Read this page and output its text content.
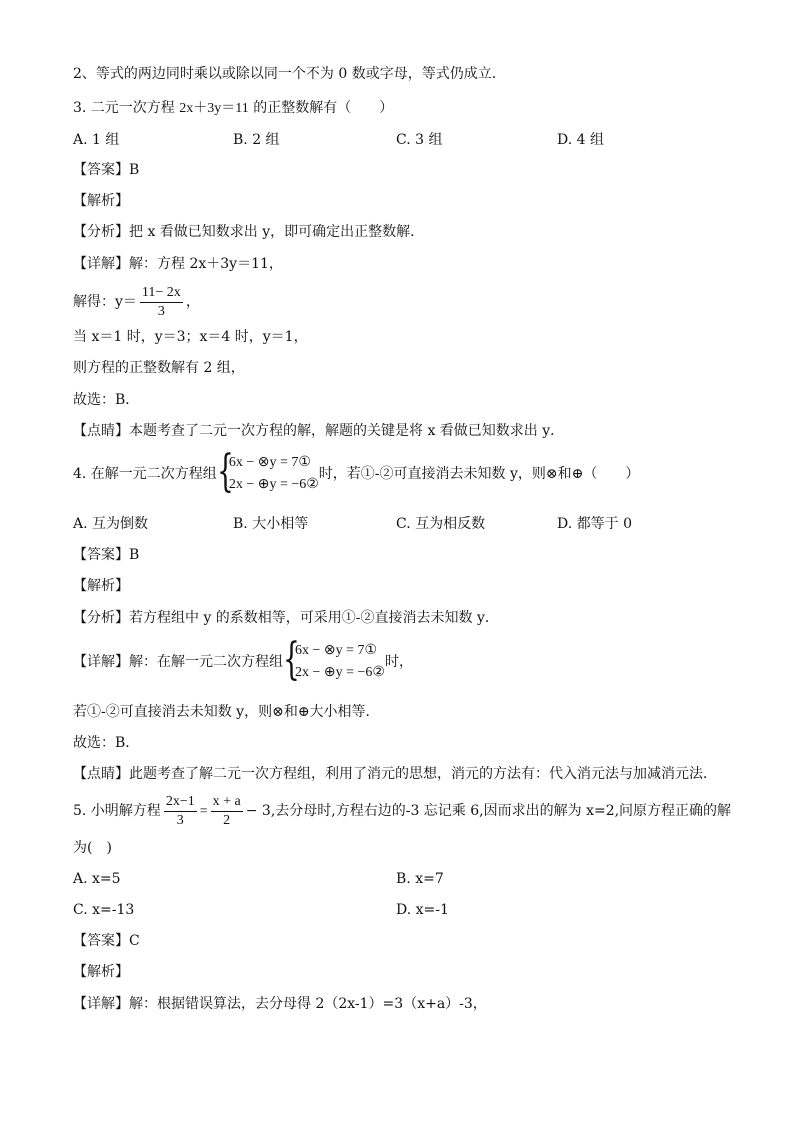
2、等式的两边同时乘以或除以同一个不为 0 数或字母，等式仍成立．
3. 二元一次方程 2x＋3y＝11 的正整数解有（　　）
A. 1 组	B. 2 组	C. 3 组	D. 4 组
【答案】B
【解析】
【分析】把 x 看做已知数求出 y，即可确定出正整数解．
【详解】解：方程 2x＋3y＝11，
解得：$y= \frac{11- 2x}{3}$ ，
当 x＝1 时，y＝3；x＝4 时，y＝1，
则方程的正整数解有 2 组，
故选：B．
【点睛】本题考查了二元一次方程的解，解题的关键是将 x 看做已知数求出 y．
4. 在解一元二次方程组 {
6x − ⊗y = 7①
2x − ⊕y = −6②
时，若①-②可直接消去未知数 y，则⊗和⊕（　　）
A. 互为倒数	B. 大小相等	C. 互为相反数	D. 都等于 0
【答案】B
【解析】
【分析】若方程组中 y 的系数相等，可采用①-②直接消去未知数 y．
【详解】解：在解一元二次方程组 {
6x − ⊗y = 7①
2x − ⊕y = −6②
时，
若①-②可直接消去未知数 y，则⊗和⊕大小相等．
故选：B．
【点睛】此题考查了解二元一次方程组，利用了消元的思想，消元的方法有：代入消元法与加减消元法．
5. 小明解方程 $\frac{2x-1}{3} = \frac{x + a}{2} - 3$,去分母时,方程右边的-3 忘记乘 6,因而求出的解为 x=2,问原方程正确的解
为(　)
A. x=5	B. x=7
C. x=-13	D. x=-1
【答案】C
【解析】
【详解】解：根据错误算法，去分母得 2（2x-1）=3（x+a）-3，
